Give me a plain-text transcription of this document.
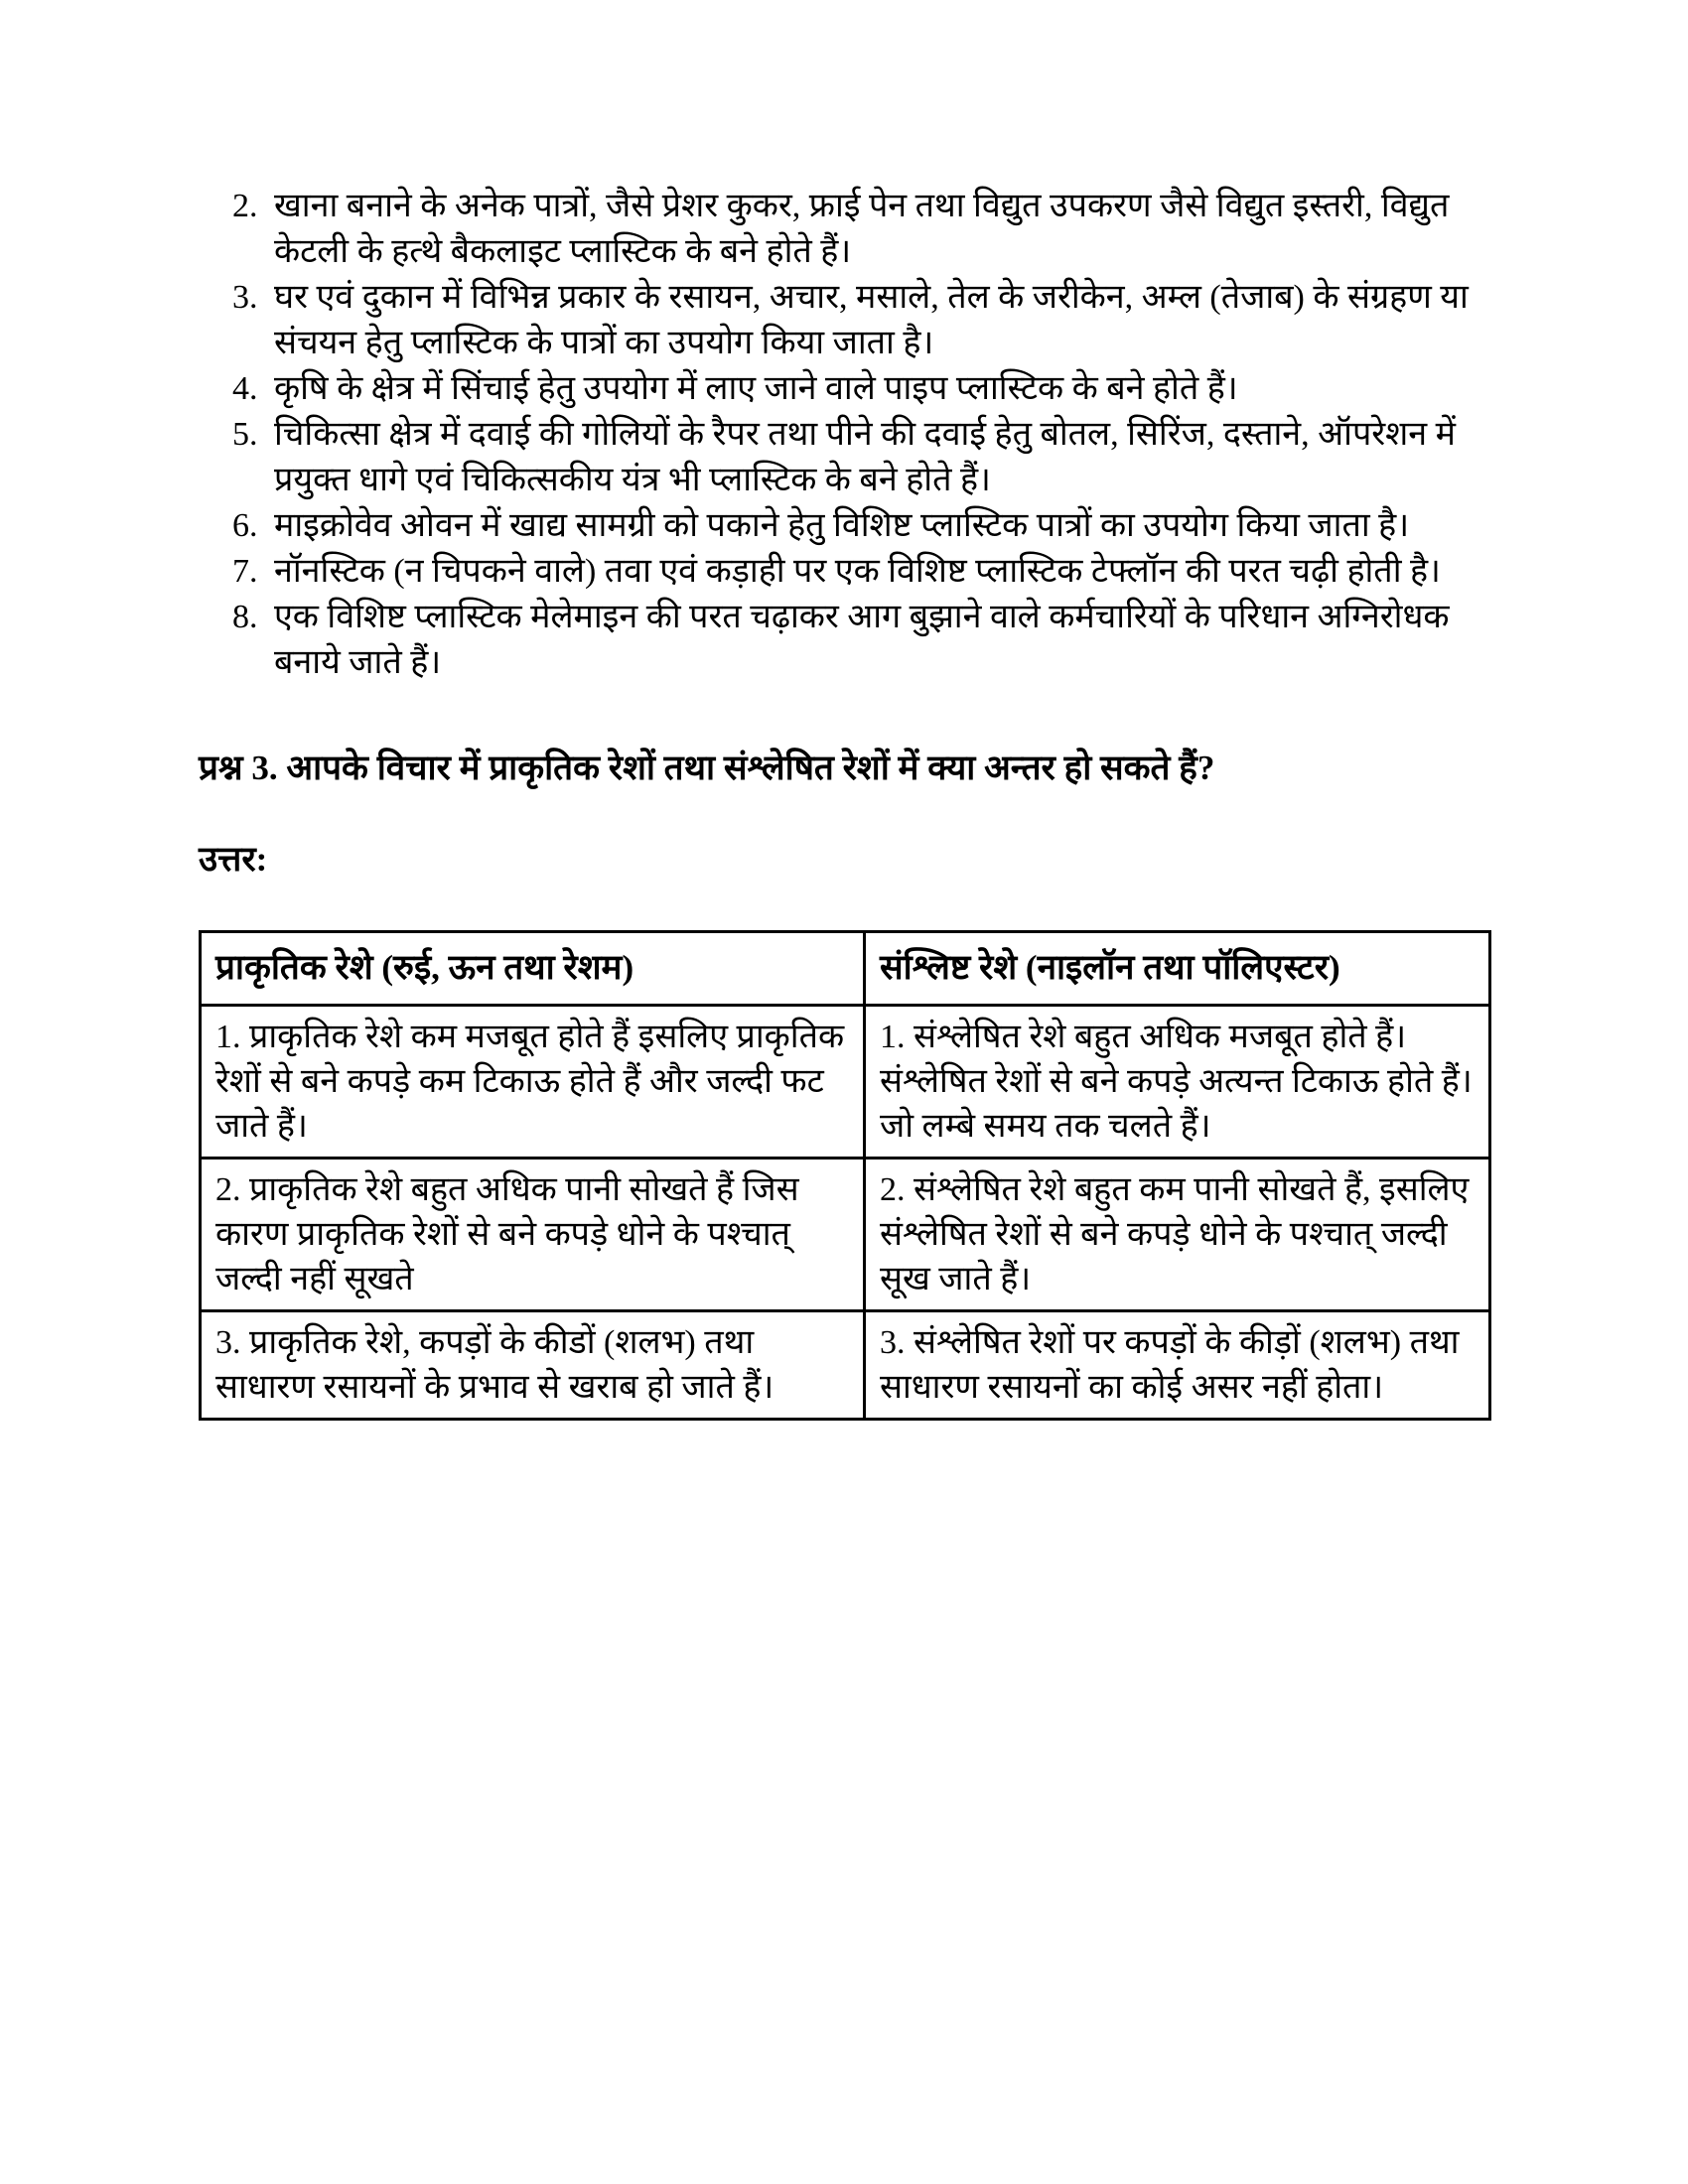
2. खाना बनाने के अनेक पात्रों, जैसे प्रेशर कुकर, फ्राई पेन तथा विद्युत उपकरण जैसे विद्युत इस्तरी, विद्युत केटली के हत्थे बैकलाइट प्लास्टिक के बने होते हैं।
3. घर एवं दुकान में विभिन्न प्रकार के रसायन, अचार, मसाले, तेल के जरीकेन, अम्ल (तेजाब) के संग्रहण या संचयन हेतु प्लास्टिक के पात्रों का उपयोग किया जाता है।
4. कृषि के क्षेत्र में सिंचाई हेतु उपयोग में लाए जाने वाले पाइप प्लास्टिक के बने होते हैं।
5. चिकित्सा क्षेत्र में दवाई की गोलियों के रैपर तथा पीने की दवाई हेतु बोतल, सिरिंज, दस्ताने, ऑपरेशन में प्रयुक्त धागे एवं चिकित्सकीय यंत्र भी प्लास्टिक के बने होते हैं।
6. माइक्रोवेव ओवन में खाद्य सामग्री को पकाने हेतु विशिष्ट प्लास्टिक पात्रों का उपयोग किया जाता है।
7. नॉनस्टिक (न चिपकने वाले) तवा एवं कड़ाही पर एक विशिष्ट प्लास्टिक टेफ्लॉन की परत चढ़ी होती है।
8. एक विशिष्ट प्लास्टिक मेलेमाइन की परत चढ़ाकर आग बुझाने वाले कर्मचारियों के परिधान अग्निरोधक बनाये जाते हैं।

प्रश्न 3. आपके विचार में प्राकृतिक रेशों तथा संश्लेषित रेशों में क्या अन्तर हो सकते हैं?

उत्तर:

प्राकृतिक रेशे (रुई, ऊन तथा रेशम)	संश्लिष्ट रेशे (नाइलॉन तथा पॉलिएस्टर)
1. प्राकृतिक रेशे कम मजबूत होते हैं इसलिए प्राकृतिक रेशों से बने कपड़े कम टिकाऊ होते हैं और जल्दी फट जाते हैं।	1. संश्लेषित रेशे बहुत अधिक मजबूत होते हैं। संश्लेषित रेशों से बने कपड़े अत्यन्त टिकाऊ होते हैं।जो लम्बे समय तक चलते हैं।
2. प्राकृतिक रेशे बहुत अधिक पानी सोखते हैं जिस कारण प्राकृतिक रेशों से बने कपड़े धोने के पश्चात् जल्दी नहीं सूखते	2. संश्लेषित रेशे बहुत कम पानी सोखते हैं, इसलिए संश्लेषित रेशों से बने कपड़े धोने के पश्चात् जल्दी सूख जाते हैं।
3. प्राकृतिक रेशे, कपड़ों के कीडों (शलभ) तथा साधारण रसायनों के प्रभाव से खराब हो जाते हैं।	3. संश्लेषित रेशों पर कपड़ों के कीड़ों (शलभ) तथा साधारण रसायनों का कोई असर नहीं होता।
